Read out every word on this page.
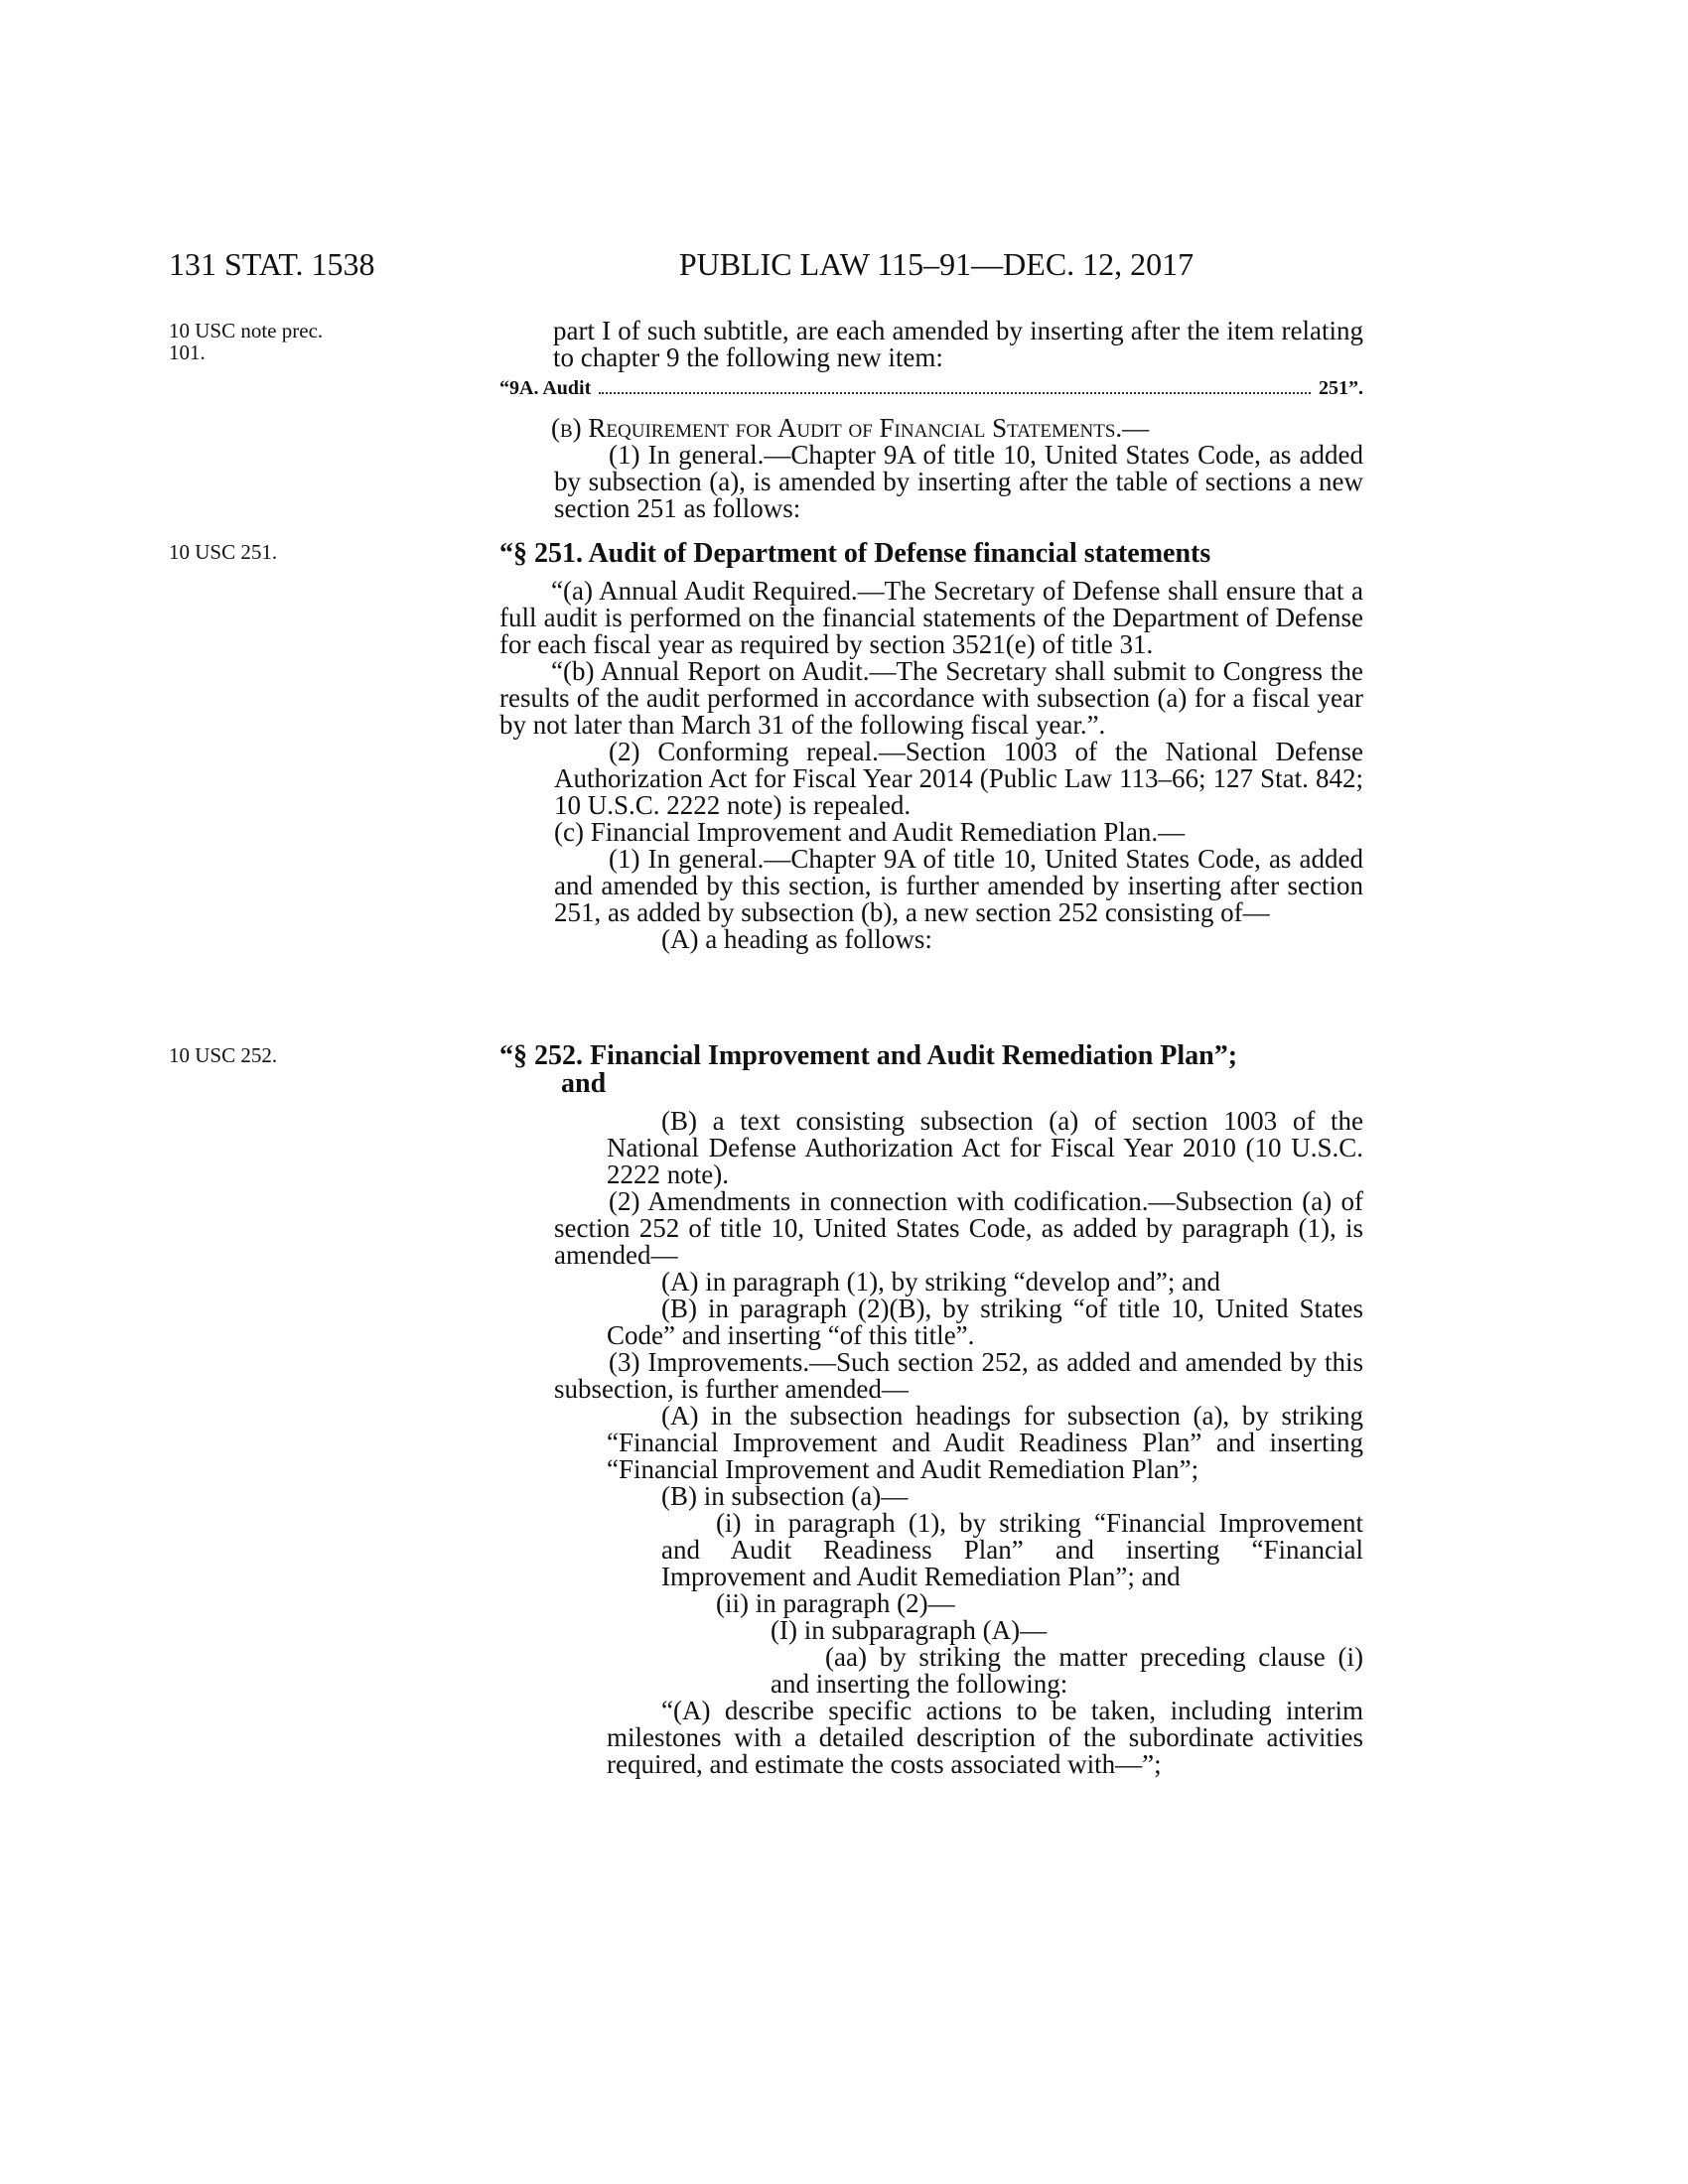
131 STAT. 1538	PUBLIC LAW 115–91—DEC. 12, 2017
10 USC note prec. 101.
10 USC 251.
10 USC 252.

part I of such subtitle, are each amended by inserting after the item relating to chapter 9 the following new item:

“9A. Audit	251”.

(b) Requirement for Audit of Financial Statements.—

(1) In general.—Chapter 9A of title 10, United States Code, as added by subsection (a), is amended by inserting after the table of sections a new section 251 as follows:

“§ 251. Audit of Department of Defense financial statements

“(a) Annual Audit Required.—The Secretary of Defense shall ensure that a full audit is performed on the financial statements of the Department of Defense for each fiscal year as required by section 3521(e) of title 31.

“(b) Annual Report on Audit.—The Secretary shall submit to Congress the results of the audit performed in accordance with subsection (a) for a fiscal year by not later than March 31 of the following fiscal year.”.

(2) Conforming repeal.—Section 1003 of the National Defense Authorization Act for Fiscal Year 2014 (Public Law 113–66; 127 Stat. 842; 10 U.S.C. 2222 note) is repealed.

(c) Financial Improvement and Audit Remediation Plan.—

(1) In general.—Chapter 9A of title 10, United States Code, as added and amended by this section, is further amended by inserting after section 251, as added by subsection (b), a new section 252 consisting of—

(A) a heading as follows:

“§ 252. Financial Improvement and Audit Remediation Plan”;

and

(B) a text consisting subsection (a) of section 1003 of the National Defense Authorization Act for Fiscal Year 2010 (10 U.S.C. 2222 note).

(2) Amendments in connection with codification.—Subsection (a) of section 252 of title 10, United States Code, as added by paragraph (1), is amended—

(A) in paragraph (1), by striking “develop and”; and

(B) in paragraph (2)(B), by striking “of title 10, United States Code” and inserting “of this title”.

(3) Improvements.—Such section 252, as added and amended by this subsection, is further amended—

(A) in the subsection headings for subsection (a), by striking “Financial Improvement and Audit Readiness Plan” and inserting “Financial Improvement and Audit Remediation Plan”;

(B) in subsection (a)—

(i) in paragraph (1), by striking “Financial Improvement and Audit Readiness Plan” and inserting “Financial Improvement and Audit Remediation Plan”; and

(ii) in paragraph (2)—

(I) in subparagraph (A)—

(aa) by striking the matter preceding clause (i) and inserting the following:

“(A) describe specific actions to be taken, including interim milestones with a detailed description of the subordinate activities required, and estimate the costs associated with—”;
